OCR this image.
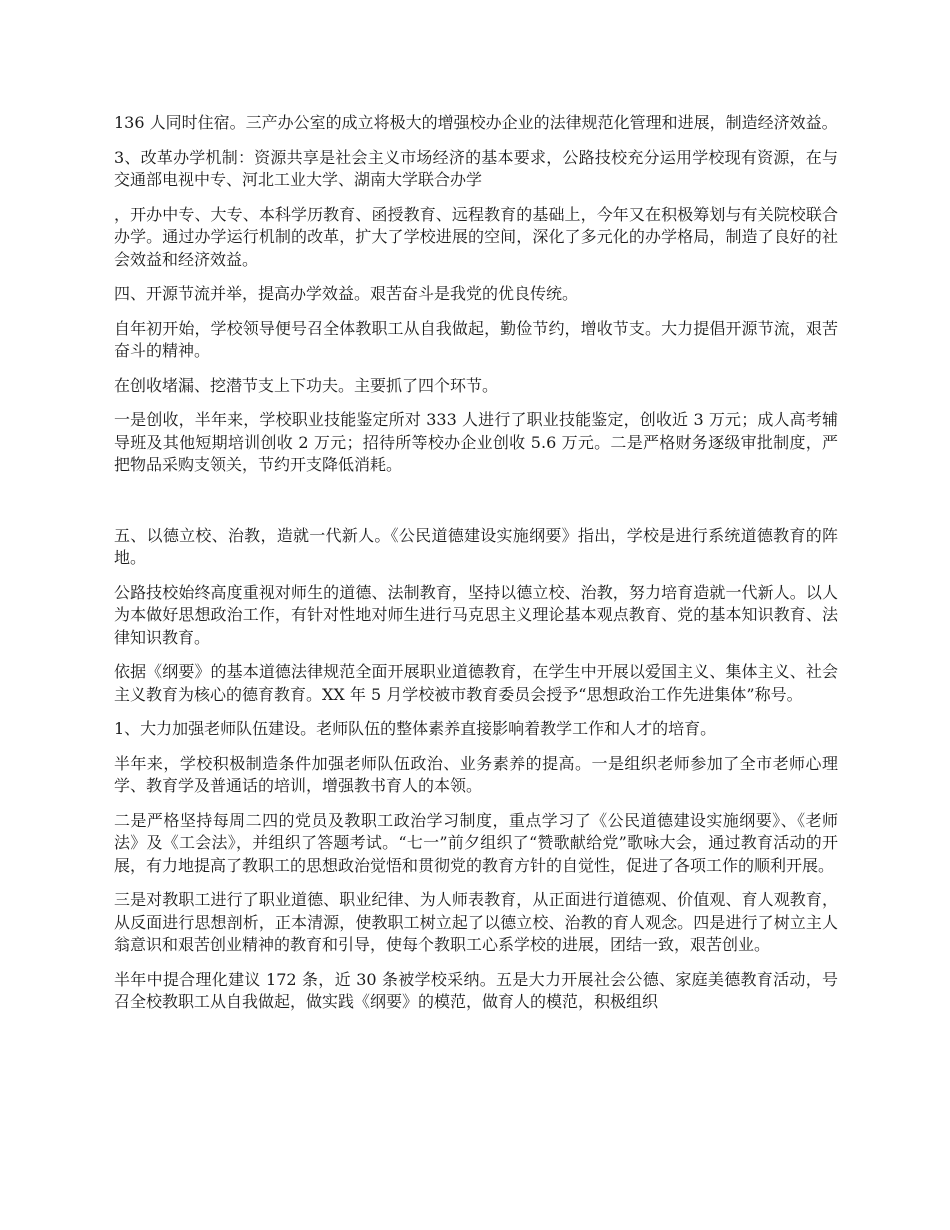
136 人同时住宿。三产办公室的成立将极大的增强校办企业的法律规范化管理和进展，制造经济效益。

3、改革办学机制：资源共享是社会主义市场经济的基本要求，公路技校充分运用学校现有资源，在与交通部电视中专、河北工业大学、湖南大学联合办学

，开办中专、大专、本科学历教育、函授教育、远程教育的基础上，今年又在积极筹划与有关院校联合办学。通过办学运行机制的改革，扩大了学校进展的空间，深化了多元化的办学格局，制造了良好的社会效益和经济效益。

四、开源节流并举，提高办学效益。艰苦奋斗是我党的优良传统。

自年初开始，学校领导便号召全体教职工从自我做起，勤俭节约，增收节支。大力提倡开源节流，艰苦奋斗的精神。

在创收堵漏、挖潜节支上下功夫。主要抓了四个环节。

一是创收，半年来，学校职业技能鉴定所对 333 人进行了职业技能鉴定，创收近 3 万元；成人高考辅导班及其他短期培训创收 2 万元；招待所等校办企业创收 5.6 万元。二是严格财务逐级审批制度，严把物品采购支领关，节约开支降低消耗。

五、以德立校、治教，造就一代新人。《公民道德建设实施纲要》指出，学校是进行系统道德教育的阵地。

公路技校始终高度重视对师生的道德、法制教育，坚持以德立校、治教，努力培育造就一代新人。以人为本做好思想政治工作，有针对性地对师生进行马克思主义理论基本观点教育、党的基本知识教育、法律知识教育。

依据《纲要》的基本道德法律规范全面开展职业道德教育，在学生中开展以爱国主义、集体主义、社会主义教育为核心的德育教育。XX 年 5 月学校被市教育委员会授予“思想政治工作先进集体”称号。

1、大力加强老师队伍建设。老师队伍的整体素养直接影响着教学工作和人才的培育。

半年来，学校积极制造条件加强老师队伍政治、业务素养的提高。一是组织老师参加了全市老师心理学、教育学及普通话的培训，增强教书育人的本领。

二是严格坚持每周二四的党员及教职工政治学习制度，重点学习了《公民道德建设实施纲要》、《老师法》及《工会法》，并组织了答题考试。“七一”前夕组织了“赞歌献给党”歌咏大会，通过教育活动的开展，有力地提高了教职工的思想政治觉悟和贯彻党的教育方针的自觉性，促进了各项工作的顺利开展。

三是对教职工进行了职业道德、职业纪律、为人师表教育，从正面进行道德观、价值观、育人观教育，从反面进行思想剖析，正本清源，使教职工树立起了以德立校、治教的育人观念。四是进行了树立主人翁意识和艰苦创业精神的教育和引导，使每个教职工心系学校的进展，团结一致，艰苦创业。

半年中提合理化建议 172 条，近 30 条被学校采纳。五是大力开展社会公德、家庭美德教育活动，号召全校教职工从自我做起，做实践《纲要》的模范，做育人的模范，积极组织
